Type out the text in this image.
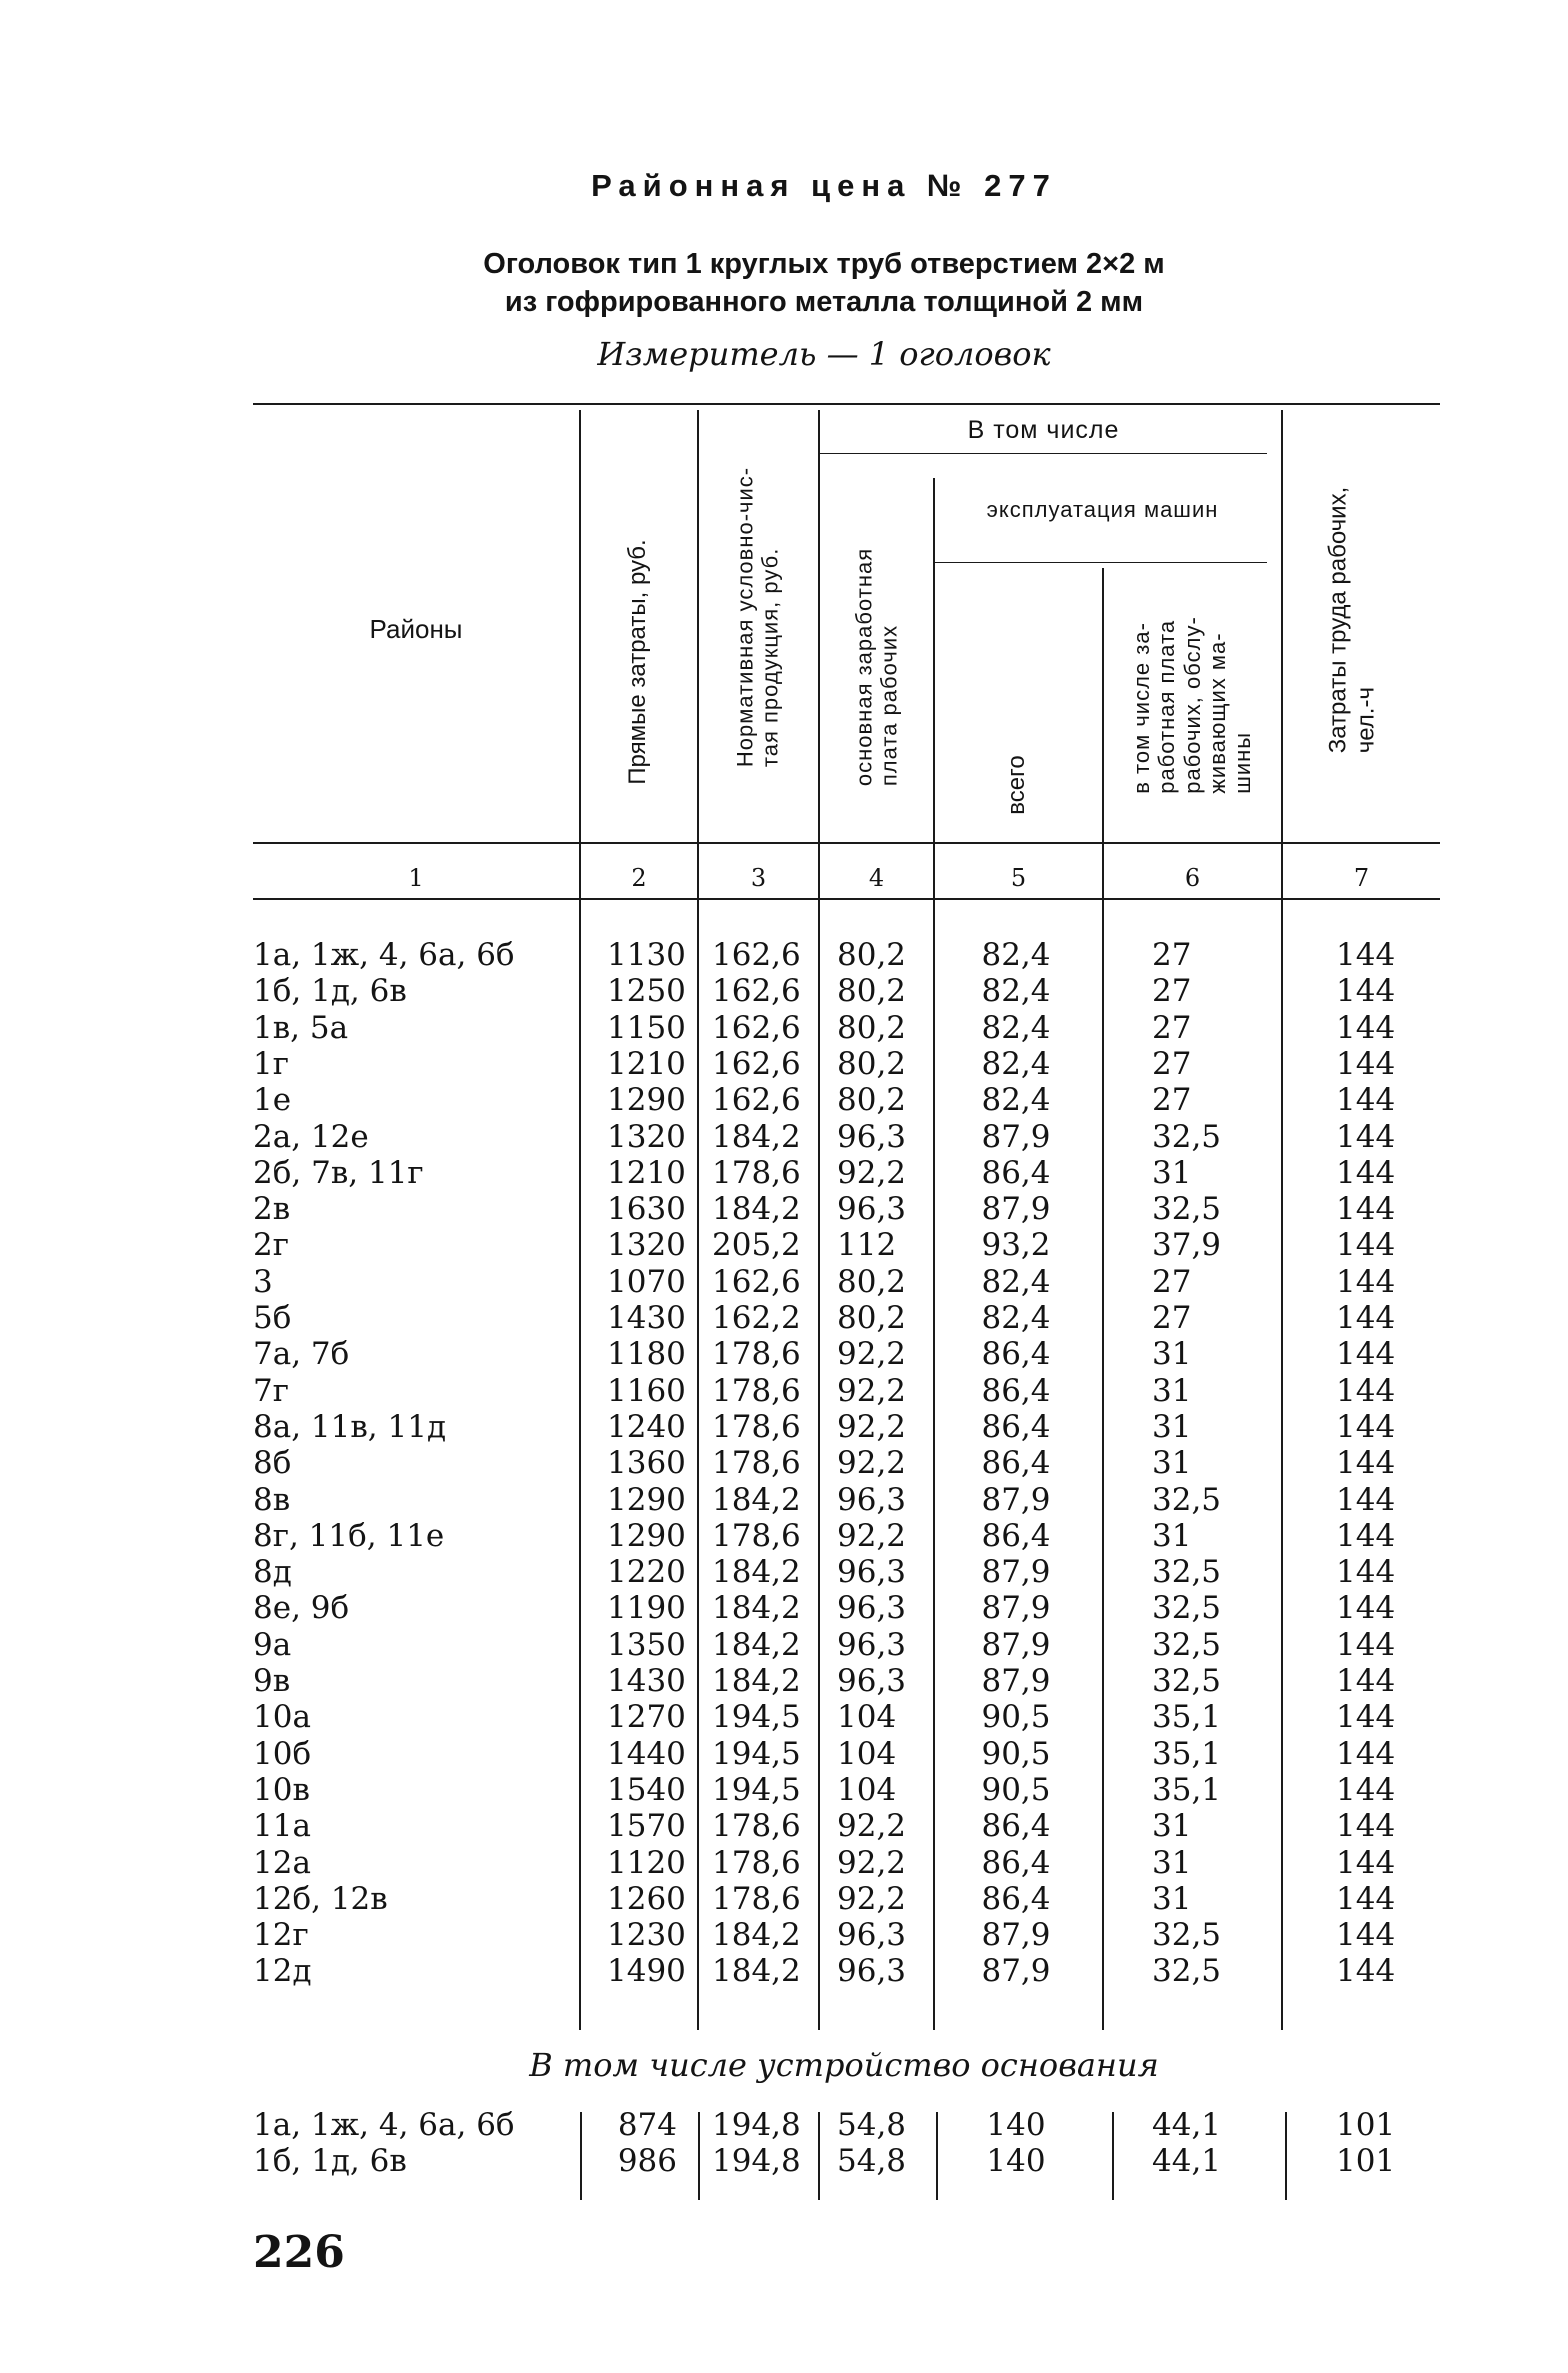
Районная цена № 277
Оголовок тип 1 круглых труб отверстием 2×2 м
из гофрированного металла толщиной 2 мм
Измеритель — 1 оголовок
Районы
В том числе
эксплуатация машин
Прямые затраты, руб.	Нормативная условно-чис- тая продукция, руб.	основная заработная плата рабочих	всего	в том числе за- работная плата рабочих, обслу- живающих ма- шины
Затраты труда рабочих, чел.-ч
1	2	3	4	5	6	7
1а, 1ж, 4, 6а, 6б	1130 162,6 80,2 82,4	27	144
1б, 1д, 6в	1250 162,6 80,2 82,4	27	144
1в, 5а	1150 162,6 80,2 82,4	27	144
1г	1210 162,6 80,2 82,4	27	144
1е	1290 162,6 80,2 82,4	27	144
2а, 12е	1320 184,2 96,3 87,9	32,5	144
2б, 7в, 11г	1210 178,6 92,2 86,4	31	144
2в	1630 184,2 96,3 87,9	32,5	144
2г	1320 205,2 112	93,2	37,9	144
3	1070 162,6 80,2 82,4	27	144
5б	1430 162,2 80,2 82,4	27	144
7а, 7б	1180 178,6 92,2 86,4	31	144
7г	1160 178,6 92,2 86,4	31	144
8а, 11в, 11д	1240 178,6 92,2 86,4	31	144
8б	1360 178,6 92,2 86,4	31	144
8в	1290 184,2 96,3 87,9	32,5	144
8г, 11б, 11е	1290 178,6 92,2 86,4	31	144
8д	1220 184,2 96,3 87,9	32,5	144
8е, 9б	1190 184,2 96,3 87,9	32,5	144
9а	1350 184,2 96,3 87,9	32,5	144
9в	1430 184,2 96,3 87,9	32,5	144
10а	1270 194,5 104	90,5	35,1	144
10б	1440 194,5 104	90,5	35,1	144
10в	1540 194,5 104	90,5	35,1	144
11а	1570 178,6 92,2 86,4	31	144
12а	1120 178,6 92,2 86,4	31	144
12б, 12в	1260 178,6 92,2 86,4	31	144
12г	1230 184,2 96,3 87,9	32,5	144
12д	1490 184,2 96,3 87,9	32,5	144
В том числе устройство основания
1а, 1ж, 4, 6а, 6б	874 194,8 54,8	140	44,1	101
1б, 1д, 6в	986 194,8 54,8	140	44,1	101
226
